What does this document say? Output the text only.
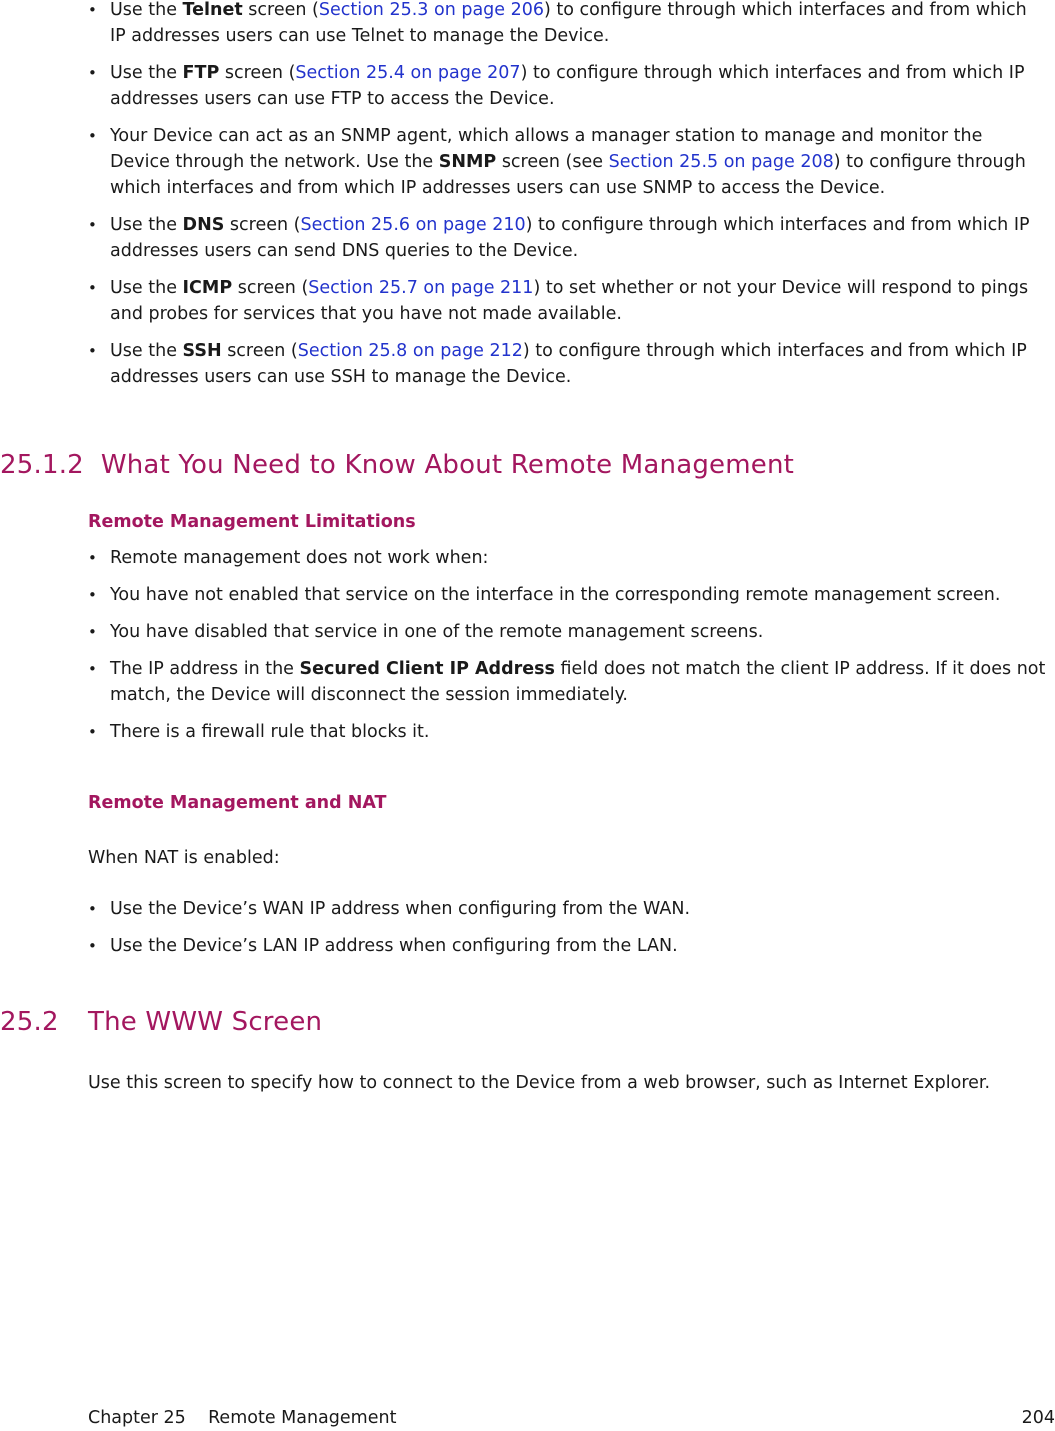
• Use the Telnet screen (Section 25.3 on page 206) to configure through which interfaces and from which IP addresses users can use Telnet to manage the Device.
• Use the FTP screen (Section 25.4 on page 207) to configure through which interfaces and from which IP addresses users can use FTP to access the Device.
• Your Device can act as an SNMP agent, which allows a manager station to manage and monitor the Device through the network. Use the SNMP screen (see Section 25.5 on page 208) to configure through which interfaces and from which IP addresses users can use SNMP to access the Device.
• Use the DNS screen (Section 25.6 on page 210) to configure through which interfaces and from which IP addresses users can send DNS queries to the Device.
• Use the ICMP screen (Section 25.7 on page 211) to set whether or not your Device will respond to pings and probes for services that you have not made available.
• Use the SSH screen (Section 25.8 on page 212) to configure through which interfaces and from which IP addresses users can use SSH to manage the Device.
25.1.2 What You Need to Know About Remote Management
Remote Management Limitations
• Remote management does not work when:
• You have not enabled that service on the interface in the corresponding remote management screen.
• You have disabled that service in one of the remote management screens.
• The IP address in the Secured Client IP Address field does not match the client IP address. If it does not match, the Device will disconnect the session immediately.
• There is a firewall rule that blocks it.
Remote Management and NAT
When NAT is enabled:
• Use the Device’s WAN IP address when configuring from the WAN.
• Use the Device’s LAN IP address when configuring from the LAN.
25.2 The WWW Screen
Use this screen to specify how to connect to the Device from a web browser, such as Internet Explorer.
Chapter 25 Remote Management	204
